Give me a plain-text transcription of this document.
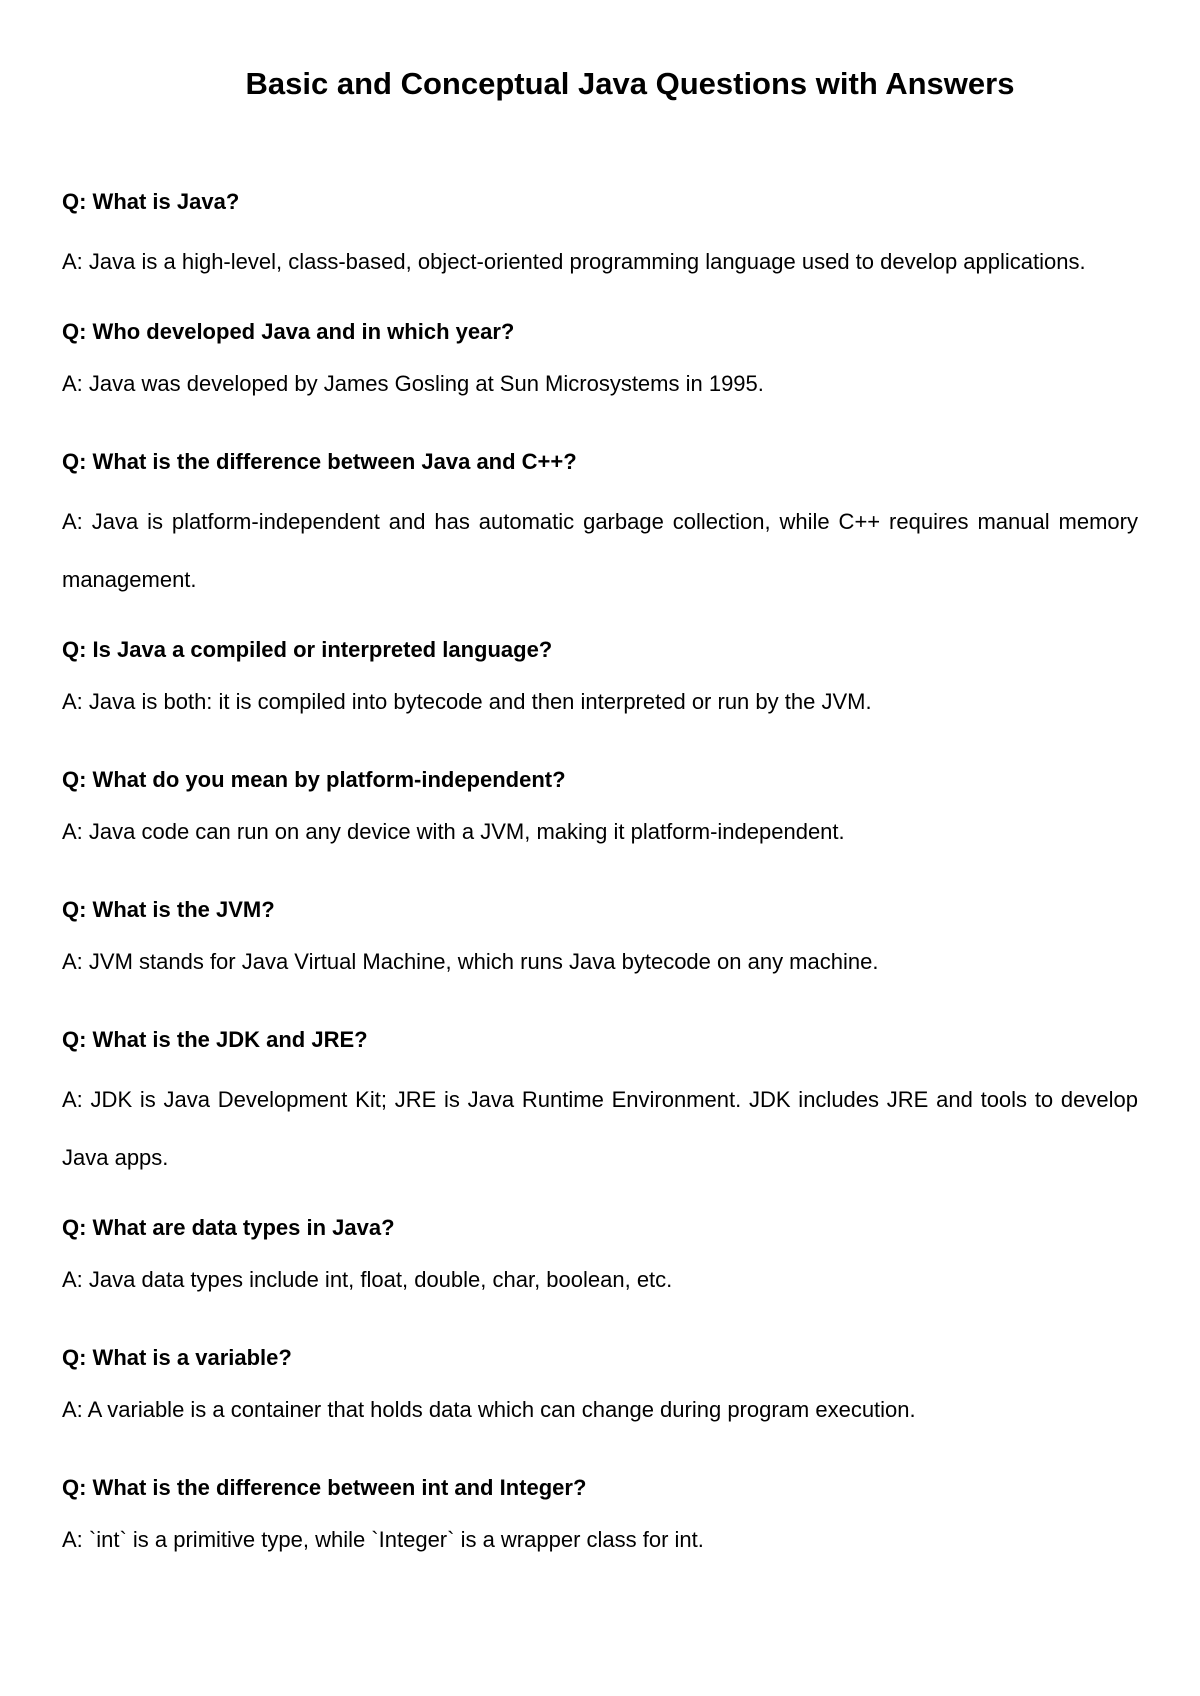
Basic and Conceptual Java Questions with Answers

Q: What is Java?

A: Java is a high-level, class-based, object-oriented programming language used to develop applications.

Q: Who developed Java and in which year?

A: Java was developed by James Gosling at Sun Microsystems in 1995.

Q: What is the difference between Java and C++?

A: Java is platform-independent and has automatic garbage collection, while C++ requires manual memory management.

Q: Is Java a compiled or interpreted language?

A: Java is both: it is compiled into bytecode and then interpreted or run by the JVM.

Q: What do you mean by platform-independent?

A: Java code can run on any device with a JVM, making it platform-independent.

Q: What is the JVM?

A: JVM stands for Java Virtual Machine, which runs Java bytecode on any machine.

Q: What is the JDK and JRE?

A: JDK is Java Development Kit; JRE is Java Runtime Environment. JDK includes JRE and tools to develop Java apps.

Q: What are data types in Java?

A: Java data types include int, float, double, char, boolean, etc.

Q: What is a variable?

A: A variable is a container that holds data which can change during program execution.

Q: What is the difference between int and Integer?

A: `int` is a primitive type, while `Integer` is a wrapper class for int.
